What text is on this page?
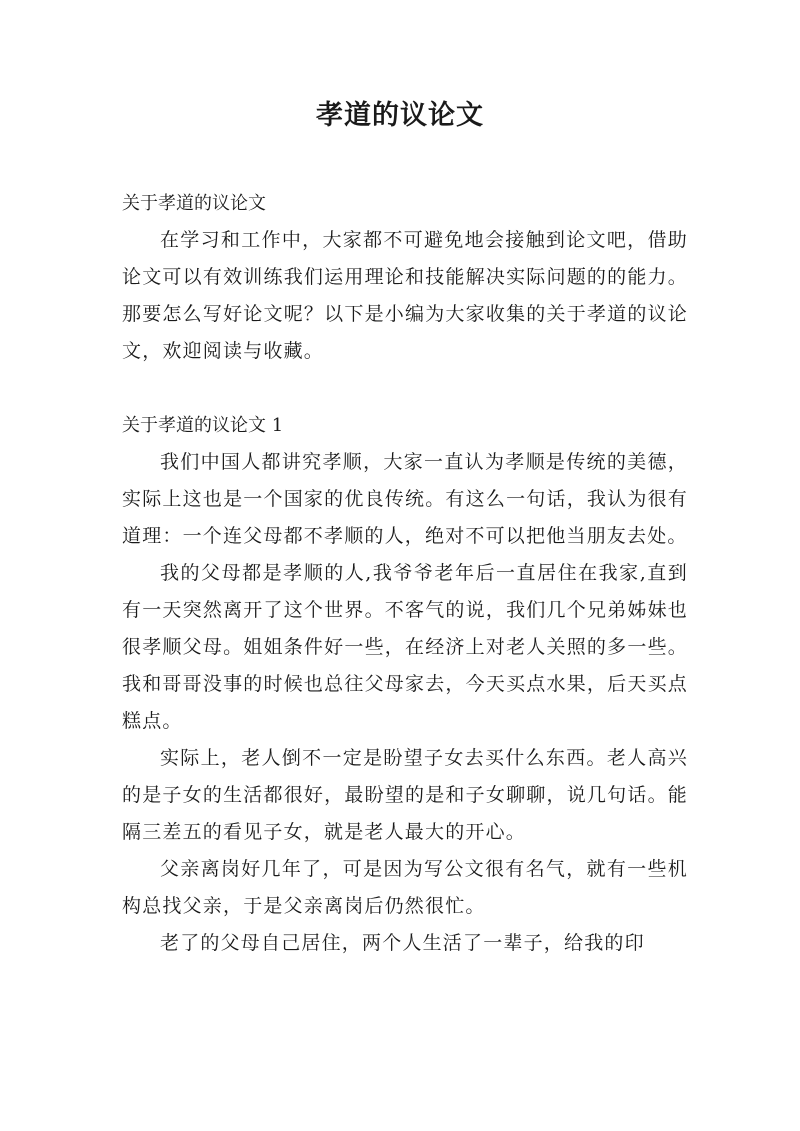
孝道的议论文

关于孝道的议论文

在学习和工作中，大家都不可避免地会接触到论文吧，借助论文可以有效训练我们运用理论和技能解决实际问题的的能力。那要怎么写好论文呢？以下是小编为大家收集的关于孝道的议论文，欢迎阅读与收藏。

关于孝道的议论文 1

我们中国人都讲究孝顺，大家一直认为孝顺是传统的美德，实际上这也是一个国家的优良传统。有这么一句话，我认为很有道理：一个连父母都不孝顺的人，绝对不可以把他当朋友去处。

我的父母都是孝顺的人,我爷爷老年后一直居住在我家,直到有一天突然离开了这个世界。不客气的说，我们几个兄弟姊妹也很孝顺父母。姐姐条件好一些，在经济上对老人关照的多一些。我和哥哥没事的时候也总往父母家去，今天买点水果，后天买点糕点。

实际上，老人倒不一定是盼望子女去买什么东西。老人高兴的是子女的生活都很好，最盼望的是和子女聊聊，说几句话。能隔三差五的看见子女，就是老人最大的开心。

父亲离岗好几年了，可是因为写公文很有名气，就有一些机构总找父亲，于是父亲离岗后仍然很忙。

老了的父母自己居住，两个人生活了一辈子，给我的印
